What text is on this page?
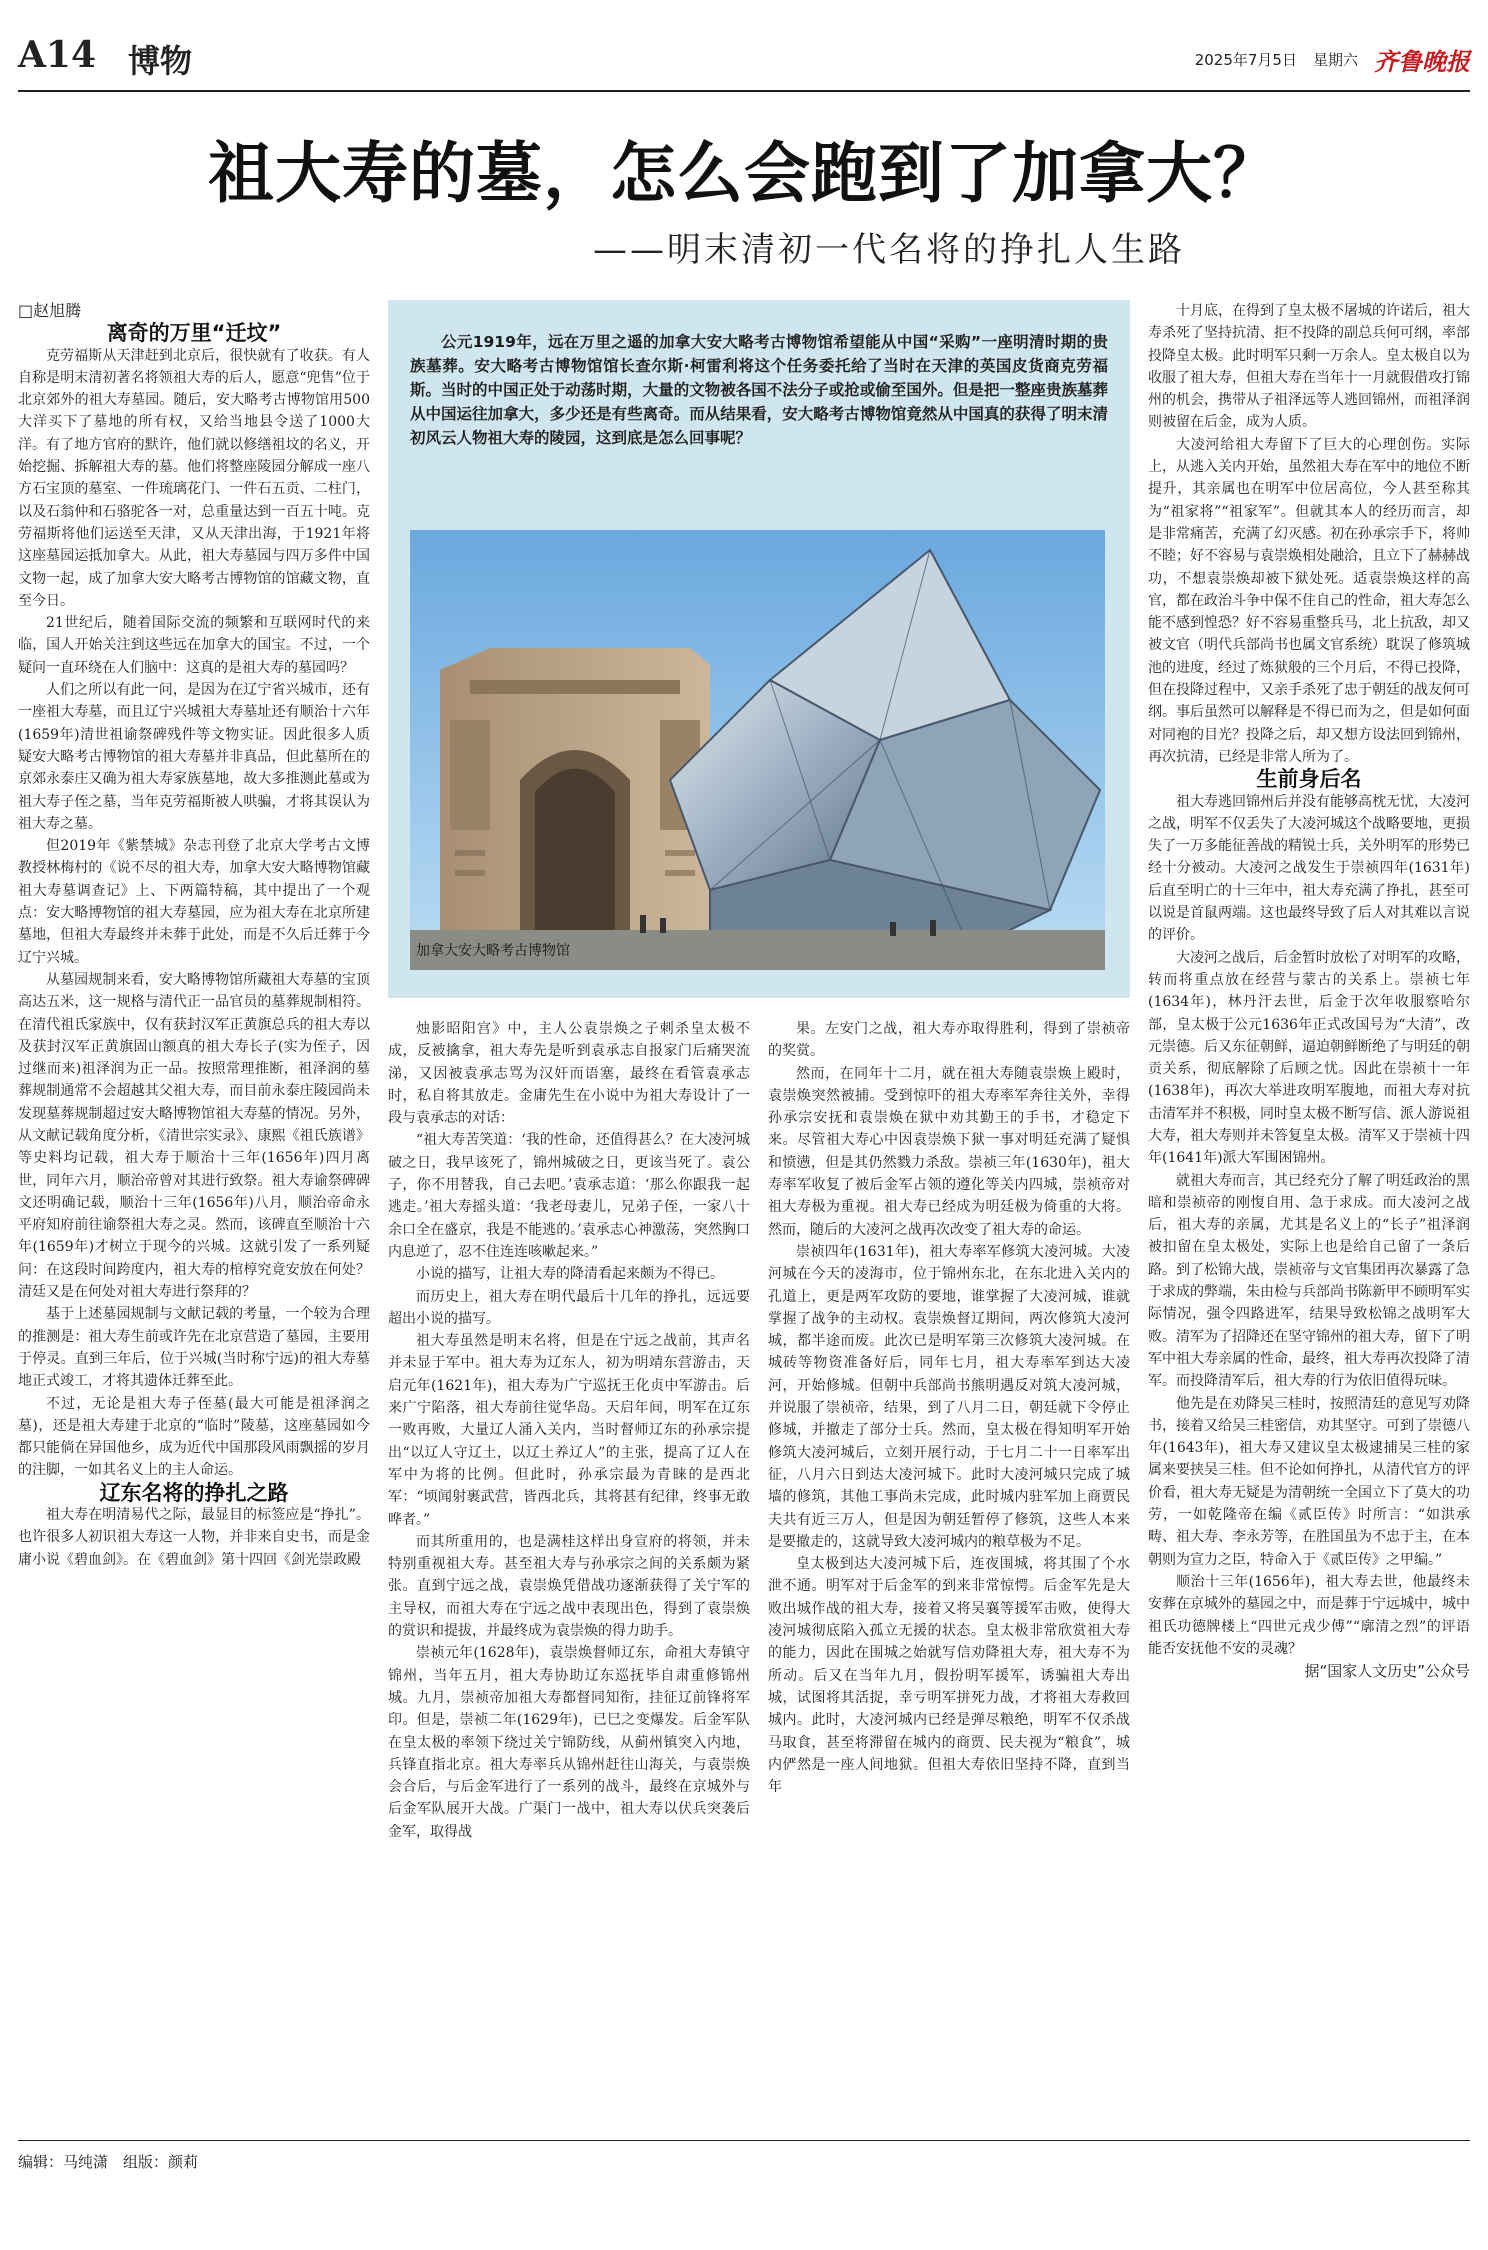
A14 博物	2025年7月5日 星期六 齐鲁晚报
祖大寿的墓，怎么会跑到了加拿大？
——明末清初一代名将的挣扎人生路

□赵旭腾

离奇的万里“迁坟”

克劳福斯从天津赶到北京后，很快就有了收获。有人自称是明末清初著名将领祖大寿的后人，愿意“兜售”位于北京郊外的祖大寿墓园。随后，安大略考古博物馆用500大洋买下了墓地的所有权，又给当地县令送了1000大洋。有了地方官府的默许，他们就以修缮祖坟的名义，开始挖掘、拆解祖大寿的墓。他们将整座陵园分解成一座八方石宝顶的墓室、一件琉璃花门、一件石五贡、二柱门，以及石翁仲和石骆驼各一对，总重量达到一百五十吨。克劳福斯将他们运送至天津，又从天津出海，于1921年将这座墓园运抵加拿大。从此，祖大寿墓园与四万多件中国文物一起，成了加拿大安大略考古博物馆的馆藏文物，直至今日。

21世纪后，随着国际交流的频繁和互联网时代的来临，国人开始关注到这些远在加拿大的国宝。不过，一个疑问一直环绕在人们脑中：这真的是祖大寿的墓园吗？

人们之所以有此一问，是因为在辽宁省兴城市，还有一座祖大寿墓，而且辽宁兴城祖大寿墓址还有顺治十六年(1659年)清世祖谕祭碑残件等文物实证。因此很多人质疑安大略考古博物馆的祖大寿墓并非真品，但此墓所在的京郊永泰庄又确为祖大寿家族墓地，故大多推测此墓或为祖大寿子侄之墓，当年克劳福斯被人哄骗，才将其误认为祖大寿之墓。

但2019年《紫禁城》杂志刊登了北京大学考古文博教授林梅村的《说不尽的祖大寿，加拿大安大略博物馆藏祖大寿墓调查记》上、下两篇特稿，其中提出了一个观点：安大略博物馆的祖大寿墓园，应为祖大寿在北京所建墓地，但祖大寿最终并未葬于此处，而是不久后迁葬于今辽宁兴城。

从墓园规制来看，安大略博物馆所藏祖大寿墓的宝顶高达五米，这一规格与清代正一品官员的墓葬规制相符。在清代祖氏家族中，仅有获封汉军正黄旗总兵的祖大寿以及获封汉军正黄旗固山额真的祖大寿长子(实为侄子，因过继而来)祖泽润为正一品。按照常理推断，祖泽润的墓葬规制通常不会超越其父祖大寿，而目前永泰庄陵园尚未发现墓葬规制超过安大略博物馆祖大寿墓的情况。另外，从文献记载角度分析，《清世宗实录》、康熙《祖氏族谱》等史料均记载，祖大寿于顺治十三年(1656年)四月离世，同年六月，顺治帝曾对其进行致祭。祖大寿谕祭碑碑文还明确记载，顺治十三年(1656年)八月，顺治帝命永平府知府前往谕祭祖大寿之灵。然而，该碑直至顺治十六年(1659年)才树立于现今的兴城。这就引发了一系列疑问：在这段时间跨度内，祖大寿的棺椁究竟安放在何处？清廷又是在何处对祖大寿进行祭拜的？

基于上述墓园规制与文献记载的考量，一个较为合理的推测是：祖大寿生前或许先在北京营造了墓园，主要用于停灵。直到三年后，位于兴城(当时称宁远)的祖大寿墓地正式竣工，才将其遗体迁葬至此。

不过，无论是祖大寿子侄墓(最大可能是祖泽润之墓)，还是祖大寿建于北京的“临时”陵墓，这座墓园如今都只能倘在异国他乡，成为近代中国那段风雨飘摇的岁月的注脚，一如其名义上的主人命运。

辽东名将的挣扎之路

祖大寿在明清易代之际，最显目的标签应是“挣扎”。也许很多人初识祖大寿这一人物，并非来自史书，而是金庸小说《碧血剑》。在《碧血剑》第十四回《剑光崇政殿

公元1919年，远在万里之遥的加拿大安大略考古博物馆希望能从中国“采购”一座明清时期的贵族墓葬。安大略考古博物馆馆长查尔斯·柯雷利将这个任务委托给了当时在天津的英国皮货商克劳福斯。当时的中国正处于动荡时期，大量的文物被各国不法分子或抢或偷至国外。但是把一整座贵族墓葬从中国运往加拿大，多少还是有些离奇。而从结果看，安大略考古博物馆竟然从中国真的获得了明末清初风云人物祖大寿的陵园，这到底是怎么回事呢？
加拿大安大略考古博物馆

烛影昭阳宫》中，主人公袁崇焕之子刺杀皇太极不成，反被擒拿，祖大寿先是听到袁承志自报家门后痛哭流涕，又因被袁承志骂为汉奸而语塞，最终在看管袁承志时，私自将其放走。金庸先生在小说中为祖大寿设计了一段与袁承志的对话：

“祖大寿苦笑道：‘我的性命，还值得甚么？在大凌河城破之日，我早该死了，锦州城破之日，更该当死了。袁公子，你不用替我，自己去吧。’袁承志道：‘那么你跟我一起逃走。’祖大寿摇头道：‘我老母妻儿，兄弟子侄，一家八十余口全在盛京，我是不能逃的。’袁承志心神激荡，突然胸口内息逆了，忍不住连连咳嗽起来。”

小说的描写，让祖大寿的降清看起来颇为不得已。

而历史上，祖大寿在明代最后十几年的挣扎，远远要超出小说的描写。

祖大寿虽然是明末名将，但是在宁远之战前，其声名并未显于军中。祖大寿为辽东人，初为明靖东营游击，天启元年(1621年)，祖大寿为广宁巡抚王化贞中军游击。后来广宁陷落，祖大寿前往觉华岛。天启年间，明军在辽东一败再败，大量辽人涌入关内，当时督师辽东的孙承宗提出“以辽人守辽土，以辽土养辽人”的主张，提高了辽人在军中为将的比例。但此时，孙承宗最为青睐的是西北军：“顷闻射裹武营，皆西北兵，其将甚有纪律，终事无敢哗者。”

而其所重用的，也是满桂这样出身宣府的将领，并未特别重视祖大寿。甚至祖大寿与孙承宗之间的关系颇为紧张。直到宁远之战，袁崇焕凭借战功逐渐获得了关宁军的主导权，而祖大寿在宁远之战中表现出色，得到了袁崇焕的赏识和提拔，并最终成为袁崇焕的得力助手。

崇祯元年(1628年)，袁崇焕督师辽东，命祖大寿镇守锦州，当年五月，祖大寿协助辽东巡抚毕自肃重修锦州城。九月，崇祯帝加祖大寿都督同知衔，挂征辽前锋将军印。但是，崇祯二年(1629年)，已巳之变爆发。后金军队在皇太极的率领下绕过关宁锦防线，从蓟州镇突入内地，兵锋直指北京。祖大寿率兵从锦州赶往山海关，与袁崇焕会合后，与后金军进行了一系列的战斗，最终在京城外与后金军队展开大战。广渠门一战中，祖大寿以伏兵突袭后金军，取得战

果。左安门之战，祖大寿亦取得胜利，得到了崇祯帝的奖赏。

然而，在同年十二月，就在祖大寿随袁崇焕上殿时，袁崇焕突然被捕。受到惊吓的祖大寿率军奔往关外，幸得孙承宗安抚和袁崇焕在狱中劝其勤王的手书，才稳定下来。尽管祖大寿心中因袁崇焕下狱一事对明廷充满了疑惧和愤懑，但是其仍然戮力杀敌。崇祯三年(1630年)，祖大寿率军收复了被后金军占领的遵化等关内四城，崇祯帝对祖大寿极为重视。祖大寿已经成为明廷极为倚重的大将。然而，随后的大凌河之战再次改变了祖大寿的命运。

崇祯四年(1631年)，祖大寿率军修筑大凌河城。大凌河城在今天的凌海市，位于锦州东北，在东北进入关内的孔道上，更是两军攻防的要地，谁掌握了大凌河城，谁就掌握了战争的主动权。袁崇焕督辽期间，两次修筑大凌河城，都半途而废。此次已是明军第三次修筑大凌河城。在城砖等物资准备好后，同年七月，祖大寿率军到达大凌河，开始修城。但朝中兵部尚书熊明遇反对筑大凌河城，并说服了崇祯帝，结果，到了八月二日，朝廷就下令停止修城，并撤走了部分士兵。然而，皇太极在得知明军开始修筑大凌河城后，立刻开展行动，于七月二十一日率军出征，八月六日到达大凌河城下。此时大凌河城只完成了城墙的修筑，其他工事尚未完成，此时城内驻军加上商贾民夫共有近三万人，但是因为朝廷暂停了修筑，这些人本来是要撤走的，这就导致大凌河城内的粮草极为不足。

皇太极到达大凌河城下后，连夜围城，将其围了个水泄不通。明军对于后金军的到来非常惊愕。后金军先是大败出城作战的祖大寿，接着又将吴襄等援军击败，使得大凌河城彻底陷入孤立无援的状态。皇太极非常欣赏祖大寿的能力，因此在围城之始就写信劝降祖大寿，祖大寿不为所动。后又在当年九月，假扮明军援军，诱骗祖大寿出城，试图将其活捉，幸亏明军拼死力战，才将祖大寿救回城内。此时，大凌河城内已经是弹尽粮绝，明军不仅杀战马取食，甚至将滞留在城内的商贾、民夫视为“粮食”，城内俨然是一座人间地狱。但祖大寿依旧坚持不降，直到当年

十月底，在得到了皇太极不屠城的许诺后，祖大寿杀死了坚持抗清、拒不投降的副总兵何可纲，率部投降皇太极。此时明军只剩一万余人。皇太极自以为收服了祖大寿，但祖大寿在当年十一月就假借攻打锦州的机会，携带从子祖泽远等人逃回锦州，而祖泽润则被留在后金，成为人质。

大凌河给祖大寿留下了巨大的心理创伤。实际上，从逃入关内开始，虽然祖大寿在军中的地位不断提升，其亲属也在明军中位居高位，今人甚至称其为“祖家将”“祖家军”。但就其本人的经历而言，却是非常痛苦，充满了幻灭感。初在孙承宗手下，将帅不睦；好不容易与袁崇焕相处融洽，且立下了赫赫战功，不想袁崇焕却被下狱处死。适袁崇焕这样的高官，都在政治斗争中保不住自己的性命，祖大寿怎么能不感到惶恐？好不容易重整兵马，北上抗敌，却又被文官（明代兵部尚书也属文官系统）耽误了修筑城池的进度，经过了炼狱般的三个月后，不得已投降，但在投降过程中，又亲手杀死了忠于朝廷的战友何可纲。事后虽然可以解释是不得已而为之，但是如何面对同袍的目光？投降之后，却又想方设法回到锦州，再次抗清，已经是非常人所为了。

生前身后名

祖大寿逃回锦州后并没有能够高枕无忧，大凌河之战，明军不仅丢失了大凌河城这个战略要地，更损失了一万多能征善战的精锐士兵，关外明军的形势已经十分被动。大凌河之战发生于崇祯四年(1631年)后直至明亡的十三年中，祖大寿充满了挣扎，甚至可以说是首鼠两端。这也最终导致了后人对其难以言说的评价。

大凌河之战后，后金暂时放松了对明军的攻略，转而将重点放在经营与蒙古的关系上。崇祯七年(1634年)，林丹汗去世，后金于次年收服察哈尔部，皇太极于公元1636年正式改国号为“大清”，改元崇德。后又东征朝鲜，逼迫朝鲜断绝了与明廷的朝贡关系，彻底解除了后顾之忧。因此在崇祯十一年(1638年)，再次大举进攻明军腹地，而祖大寿对抗击清军并不积极，同时皇太极不断写信、派人游说祖大寿，祖大寿则并未答复皇太极。清军又于崇祯十四年(1641年)派大军围困锦州。

就祖大寿而言，其已经充分了解了明廷政治的黑暗和崇祯帝的刚愎自用、急于求成。而大凌河之战后，祖大寿的亲属，尤其是名义上的“长子”祖泽润被扣留在皇太极处，实际上也是给自己留了一条后路。到了松锦大战，崇祯帝与文官集团再次暴露了急于求成的弊端，朱由检与兵部尚书陈新甲不顾明军实际情况，强令四路进军，结果导致松锦之战明军大败。清军为了招降还在坚守锦州的祖大寿，留下了明军中祖大寿亲属的性命，最终，祖大寿再次投降了清军。而投降清军后，祖大寿的行为依旧值得玩味。

他先是在劝降吴三桂时，按照清廷的意见写劝降书，接着又给吴三桂密信，劝其坚守。可到了崇德八年(1643年)，祖大寿又建议皇太极逮捕吴三桂的家属来要挟吴三桂。但不论如何挣扎，从清代官方的评价看，祖大寿无疑是为清朝统一全国立下了莫大的功劳，一如乾隆帝在编《贰臣传》时所言：“如洪承畴、祖大寿、李永芳等，在胜国虽为不忠于主，在本朝则为宣力之臣，特命入于《贰臣传》之甲编。”

顺治十三年(1656年)，祖大寿去世，他最终未安葬在京城外的墓园之中，而是葬于宁远城中，城中祖氏功德牌楼上“四世元戎少傅”“廓清之烈”的评语能否安抚他不安的灵魂？

据“国家人文历史”公众号

编辑：马纯潇　组版：颜莉
